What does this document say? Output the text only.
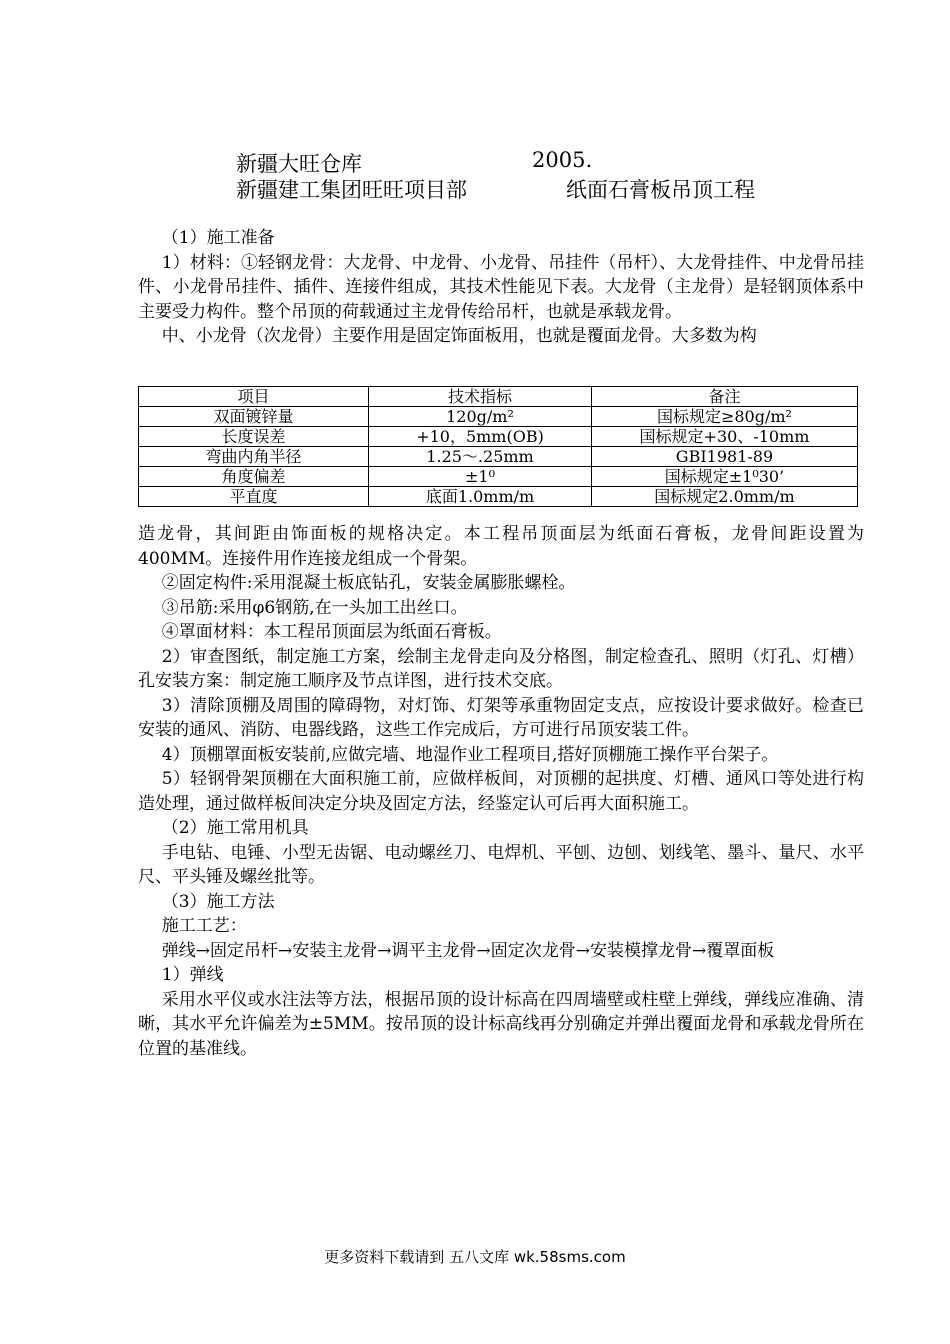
新疆大旺仓库	2005.
新疆建工集团旺旺项目部	纸面石膏板吊顶工程

（1）施工准备

1）材料：①轻钢龙骨：大龙骨、中龙骨、小龙骨、吊挂件（吊杆）、大龙骨挂件、中龙骨吊挂件、小龙骨吊挂件、插件、连接件组成，其技术性能见下表。大龙骨（主龙骨）是轻钢顶体系中主要受力构件。整个吊顶的荷载通过主龙骨传给吊杆，也就是承载龙骨。

中、小龙骨（次龙骨）主要作用是固定饰面板用，也就是覆面龙骨。大多数为构

项目	技术指标	备注
双面镀锌量	120g/m²	国标规定≥80g/m²
长度误差	+10，5mm(OB)	国标规定+30、-10mm
弯曲内角半径	1.25～.25mm	GBI1981-89
角度偏差	±1⁰	国标规定±1⁰30’
平直度	底面1.0mm/m	国标规定2.0mm/m

造龙骨，其间距由饰面板的规格决定。本工程吊顶面层为纸面石膏板，龙骨间距设置为400MM。连接件用作连接龙组成一个骨架。

②固定构件:采用混凝土板底钻孔，安装金属膨胀螺栓。

③吊筋:采用φ6钢筋,在一头加工出丝口。

④罩面材料：本工程吊顶面层为纸面石膏板。

2）审查图纸，制定施工方案，绘制主龙骨走向及分格图，制定检查孔、照明（灯孔、灯槽）孔安装方案：制定施工顺序及节点详图，进行技术交底。

3）清除顶棚及周围的障碍物，对灯饰、灯架等承重物固定支点，应按设计要求做好。检查已安装的通风、消防、电器线路，这些工作完成后，方可进行吊顶安装工件。

4）顶棚罩面板安装前,应做完墙、地湿作业工程项目,搭好顶棚施工操作平台架子。

5）轻钢骨架顶棚在大面积施工前，应做样板间，对顶棚的起拱度、灯槽、通风口等处进行构造处理，通过做样板间决定分块及固定方法，经鉴定认可后再大面积施工。

（2）施工常用机具

手电钻、电锤、小型无齿锯、电动螺丝刀、电焊机、平刨、边刨、划线笔、墨斗、量尺、水平尺、平头锤及螺丝批等。

（3）施工方法

施工工艺：

弹线→固定吊杆→安装主龙骨→调平主龙骨→固定次龙骨→安装模撑龙骨→覆罩面板

1）弹线

采用水平仪或水注法等方法，根据吊顶的设计标高在四周墙壁或柱壁上弹线，弹线应准确、清晰，其水平允许偏差为±5MM。按吊顶的设计标高线再分别确定并弹出覆面龙骨和承载龙骨所在位置的基准线。

更多资料下载请到 五八文库 wk.58sms.com
